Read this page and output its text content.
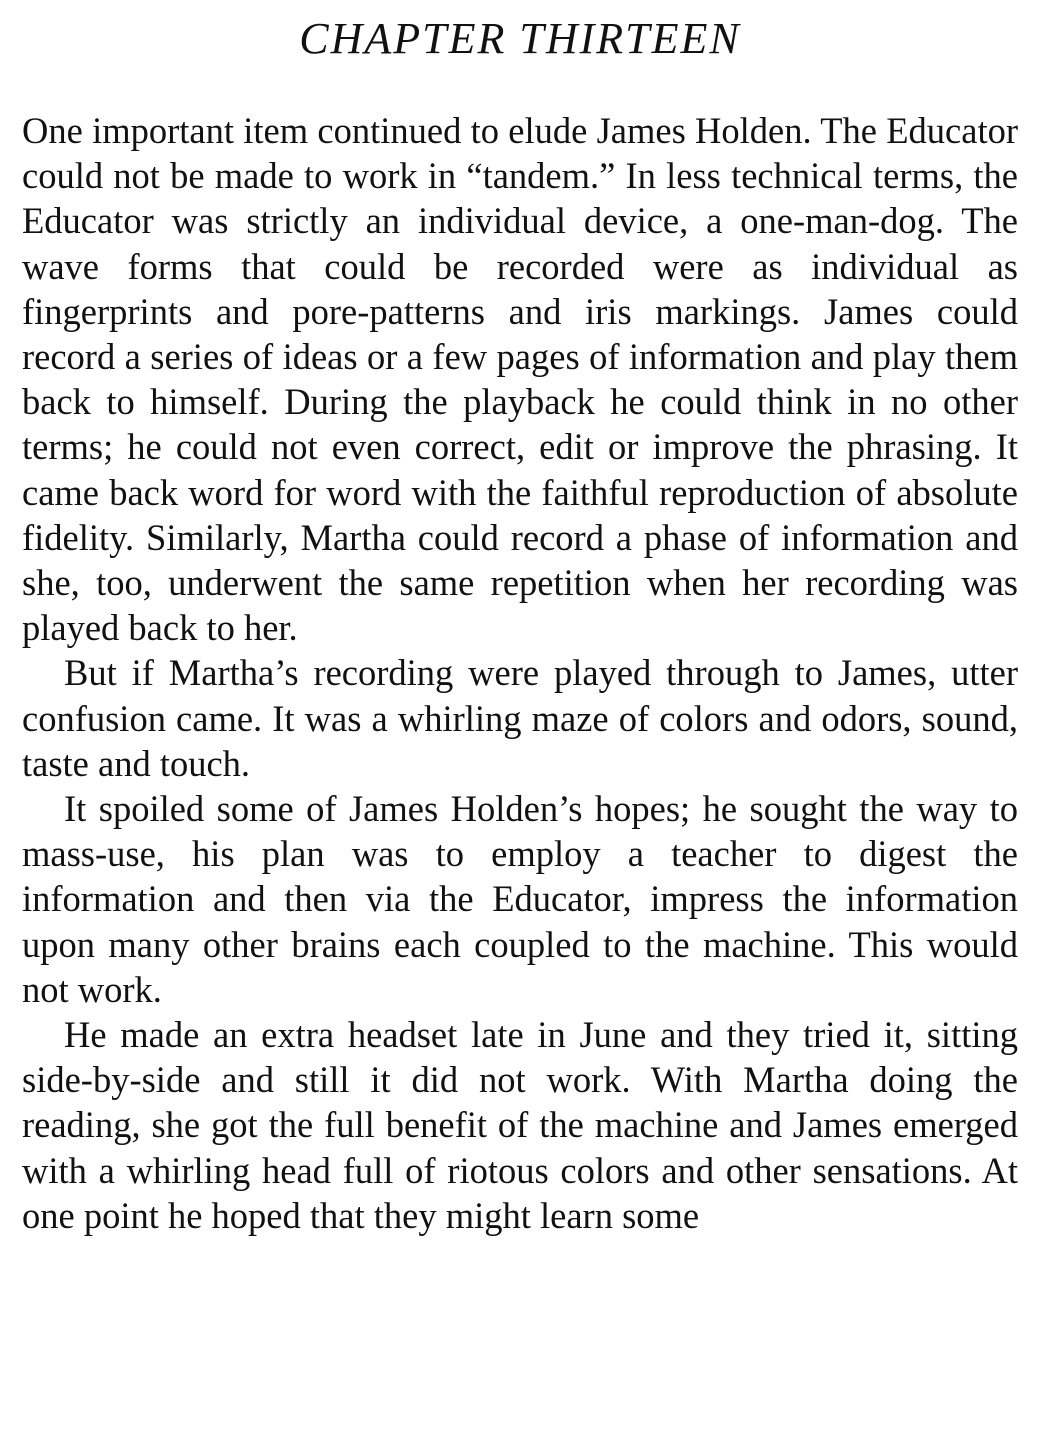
CHAPTER THIRTEEN

One important item continued to elude James Holden. The Educator could not be made to work in “tandem.” In less technical terms, the Educator was strictly an individual device, a one-man-dog. The wave forms that could be recorded were as individual as fingerprints and pore-patterns and iris markings. James could record a series of ideas or a few pages of information and play them back to himself. During the playback he could think in no other terms; he could not even correct, edit or improve the phrasing. It came back word for word with the faithful reproduction of absolute fidelity. Similarly, Martha could record a phase of information and she, too, underwent the same repetition when her recording was played back to her.

But if Martha’s recording were played through to James, utter confusion came. It was a whirling maze of colors and odors, sound, taste and touch.

It spoiled some of James Holden’s hopes; he sought the way to mass-use, his plan was to employ a teacher to digest the information and then via the Educator, impress the information upon many other brains each coupled to the machine. This would not work.

He made an extra headset late in June and they tried it, sitting side-by-side and still it did not work. With Martha doing the reading, she got the full benefit of the machine and James emerged with a whirling head full of riotous colors and other sensations. At one point he hoped that they might learn some
